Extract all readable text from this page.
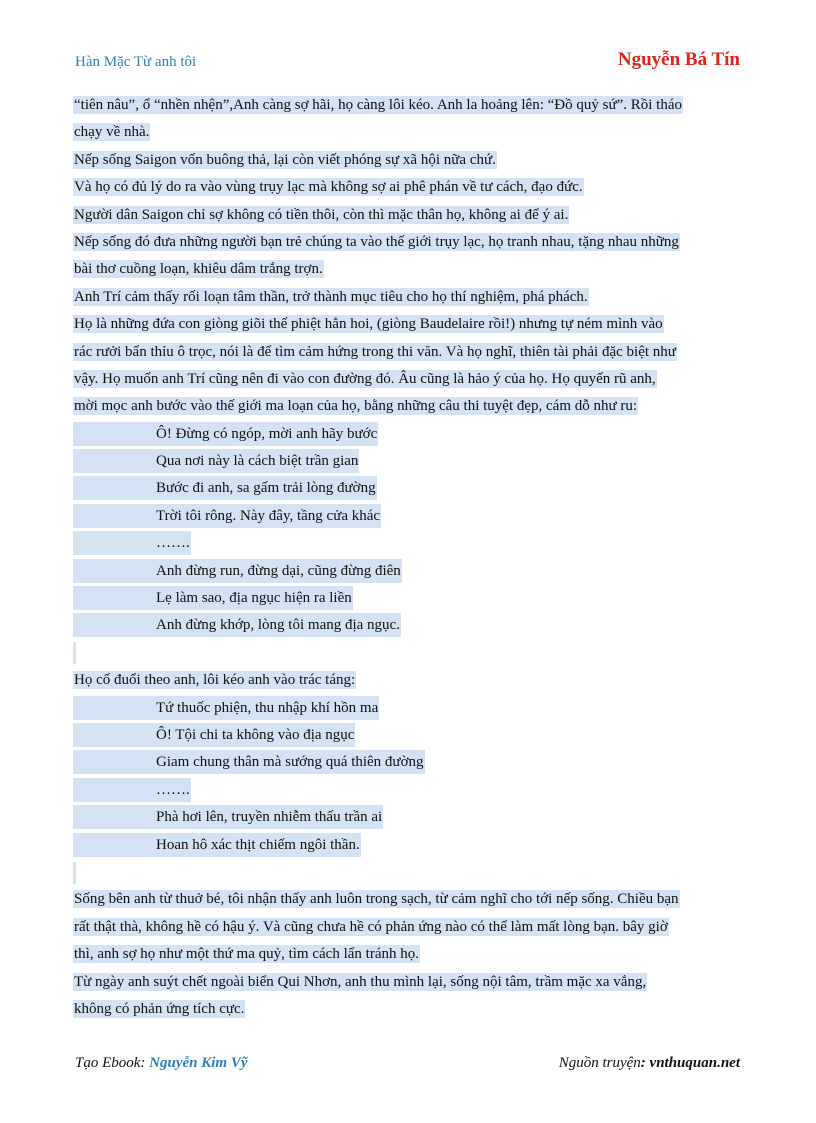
Hàn Mặc Từ anh tôi	Nguyễn Bá Tín
“tiên nâu”, ổ “nhền nhện”,Anh càng sợ hãi, họ càng lôi kéo. Anh la hoảng lên: “Đồ quỷ sứ”. Rồi tháo
chạy về nhà.
Nếp sống Saigon vốn buông thả, lại còn viết phóng sự xã hội nữa chứ.
Và họ có đủ lý do ra vào vùng trụy lạc mà không sợ ai phê phán về tư cách, đạo đức.
Người dân Saigon chỉ sợ không có tiền thôi, còn thì mặc thân họ, không ai để ý ai.
Nếp sống đó đưa những người bạn trẻ chúng ta vào thế giới trụy lạc, họ tranh nhau, tặng nhau những
bài thơ cuồng loạn, khiêu dâm trắng trợn.
Anh Trí cảm thấy rối loạn tâm thần, trở thành mục tiêu cho họ thí nghiệm, phá phách.
Họ là những đứa con giòng giõi thế phiệt hẳn hoi, (giòng Baudelaire rồi!) nhưng tự ném mình vào
rác rưởi bẩn thỉu ô trọc, nói là để tìm cảm hứng trong thi văn. Và họ nghĩ, thiên tài phải đặc biệt như
vậy. Họ muốn anh Trí cũng nên đi vào con đường đó. Âu cũng là hảo ý của họ. Họ quyến rũ anh,
mời mọc anh bước vào thế giới ma loạn của họ, bằng những câu thi tuyệt đẹp, cám dỗ như ru:
Ô! Đừng có ngóp, mời anh hãy bước
Qua nơi này là cách biệt trần gian
Bước đi anh, sa gấm trải lòng đường
Trời tôi rông. Này đây, tầng cửa khác
…….
Anh đừng run, đừng dại, cũng đừng điên
Lẹ làm sao, địa ngục hiện ra liền
Anh đừng khớp, lòng tôi mang địa ngục.
Họ cố đuổi theo anh, lôi kéo anh vào trác táng:
Tứ thuốc phiện, thu nhập khí hồn ma
Ô! Tội chi ta không vào địa ngục
Giam chung thân mà sướng quá thiên đường
…….
Phà hơi lên, truyền nhiễm thấu trần ai
Hoan hô xác thịt chiếm ngôi thần.
Sống bên anh từ thuở bé, tôi nhận thấy anh luôn trong sạch, từ cảm nghĩ cho tới nếp sống. Chiều bạn
rất thật thà, không hề có hậu ý. Và cũng chưa hề có phản ứng nào có thể làm mất lòng bạn. bây giờ
thì, anh sợ họ như một thứ ma quỷ, tìm cách lẩn tránh họ.
Từ ngày anh suýt chết ngoài biển Qui Nhơn, anh thu mình lại, sống nội tâm, trầm mặc xa vắng,
không có phản ứng tích cực.
Tạo Ebook: Nguyễn Kim Vỹ	Nguồn truyện: vnthuquan.net
